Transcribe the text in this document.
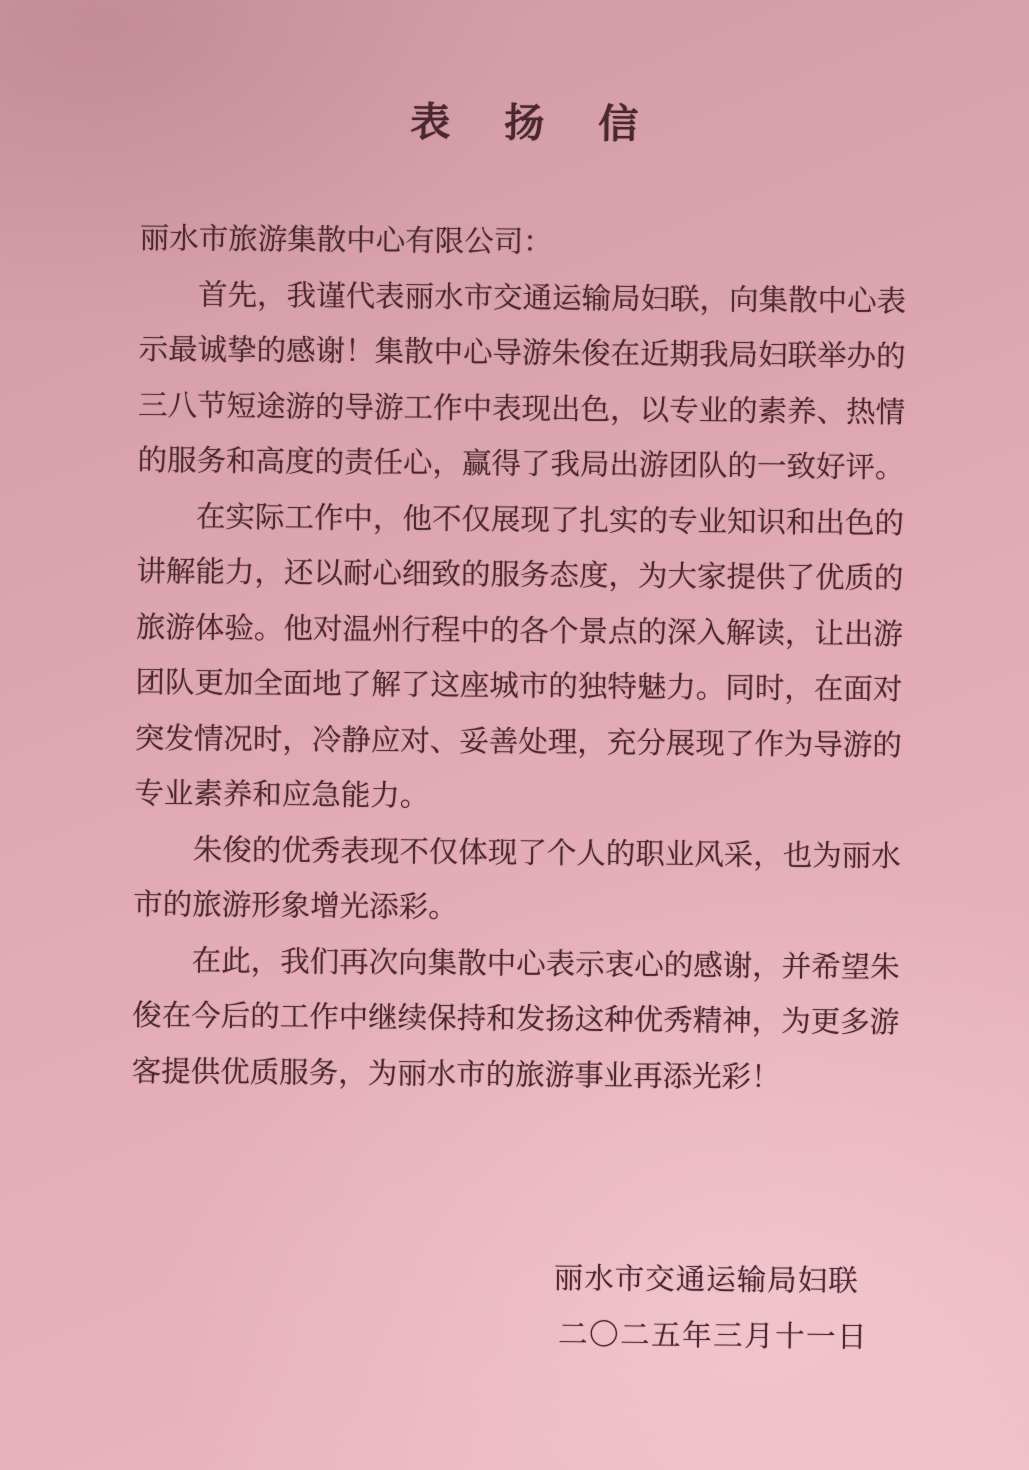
表 扬 信

丽水市旅游集散中心有限公司：

首先，我谨代表丽水市交通运输局妇联，向集散中心表示最诚挚的感谢！集散中心导游朱俊在近期我局妇联举办的三八节短途游的导游工作中表现出色，以专业的素养、热情的服务和高度的责任心，赢得了我局出游团队的一致好评。

在实际工作中，他不仅展现了扎实的专业知识和出色的讲解能力，还以耐心细致的服务态度，为大家提供了优质的旅游体验。他对温州行程中的各个景点的深入解读，让出游团队更加全面地了解了这座城市的独特魅力。同时，在面对突发情况时，冷静应对、妥善处理，充分展现了作为导游的专业素养和应急能力。

朱俊的优秀表现不仅体现了个人的职业风采，也为丽水市的旅游形象增光添彩。

在此，我们再次向集散中心表示衷心的感谢，并希望朱俊在今后的工作中继续保持和发扬这种优秀精神，为更多游客提供优质服务，为丽水市的旅游事业再添光彩！

丽水市交通运输局妇联

二〇二五年三月十一日
